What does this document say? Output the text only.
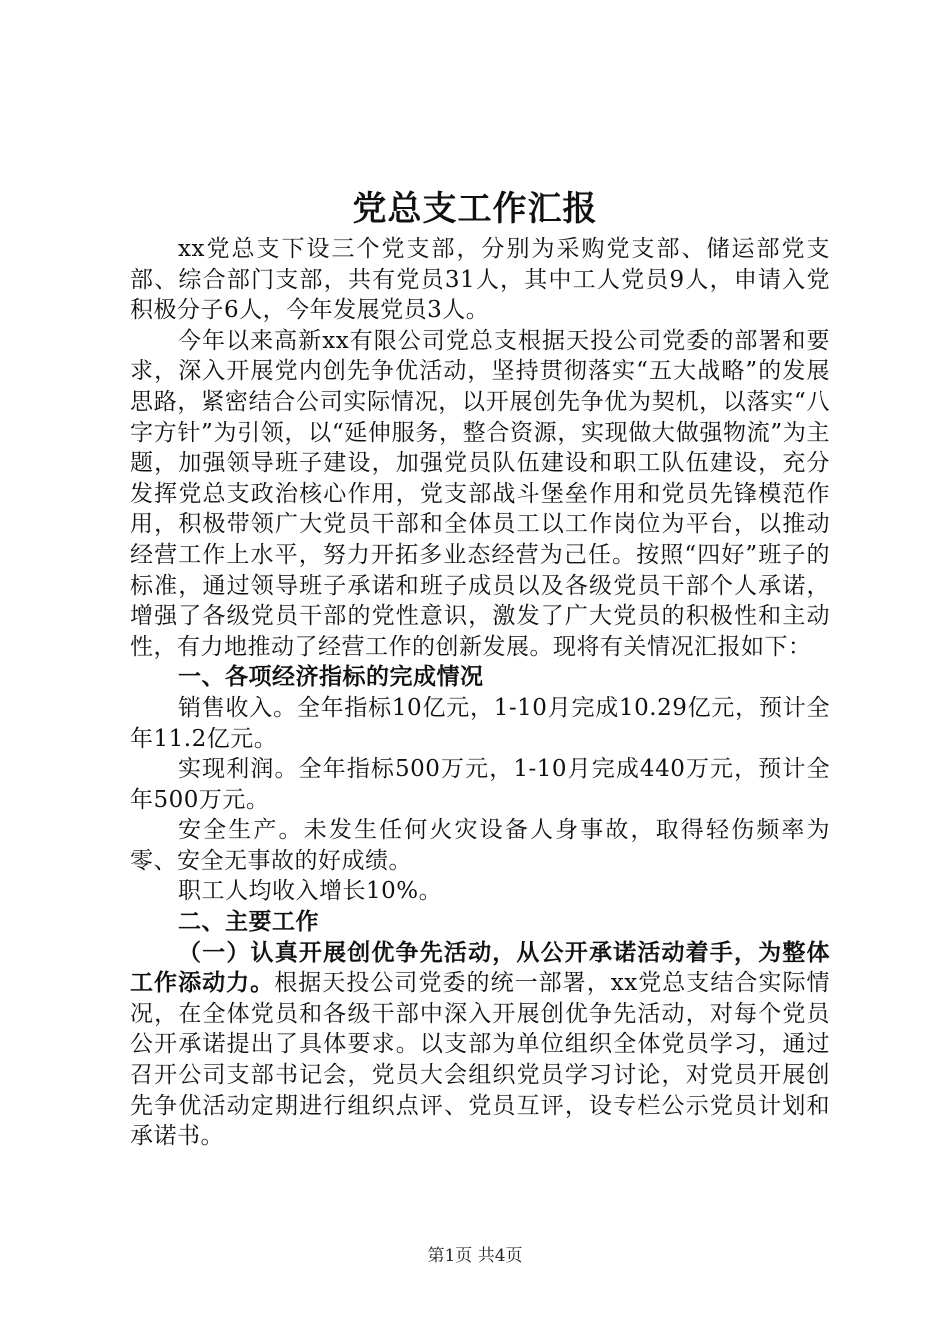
党总支工作汇报

xx党总支下设三个党支部，分别为采购党支部、储运部党支部、综合部门支部，共有党员31人，其中工人党员9人，申请入党积极分子6人，今年发展党员3人。

今年以来高新xx有限公司党总支根据天投公司党委的部署和要求，深入开展党内创先争优活动，坚持贯彻落实“五大战略”的发展思路，紧密结合公司实际情况，以开展创先争优为契机，以落实“八字方针”为引领，以“延伸服务，整合资源，实现做大做强物流”为主题，加强领导班子建设，加强党员队伍建设和职工队伍建设，充分发挥党总支政治核心作用，党支部战斗堡垒作用和党员先锋模范作用，积极带领广大党员干部和全体员工以工作岗位为平台，以推动经营工作上水平，努力开拓多业态经营为己任。按照“四好”班子的标准，通过领导班子承诺和班子成员以及各级党员干部个人承诺，增强了各级党员干部的党性意识，激发了广大党员的积极性和主动性，有力地推动了经营工作的创新发展。现将有关情况汇报如下：

一、各项经济指标的完成情况

销售收入。全年指标10亿元，1-10月完成10.29亿元，预计全年11.2亿元。

实现利润。全年指标500万元，1-10月完成440万元，预计全年500万元。

安全生产。未发生任何火灾设备人身事故，取得轻伤频率为零、安全无事故的好成绩。

职工人均收入增长10%。

二、主要工作

（一）认真开展创优争先活动，从公开承诺活动着手，为整体工作添动力。根据天投公司党委的统一部署，xx党总支结合实际情况，在全体党员和各级干部中深入开展创优争先活动，对每个党员公开承诺提出了具体要求。以支部为单位组织全体党员学习，通过召开公司支部书记会，党员大会组织党员学习讨论，对党员开展创先争优活动定期进行组织点评、党员互评，设专栏公示党员计划和承诺书。

第1页 共4页
